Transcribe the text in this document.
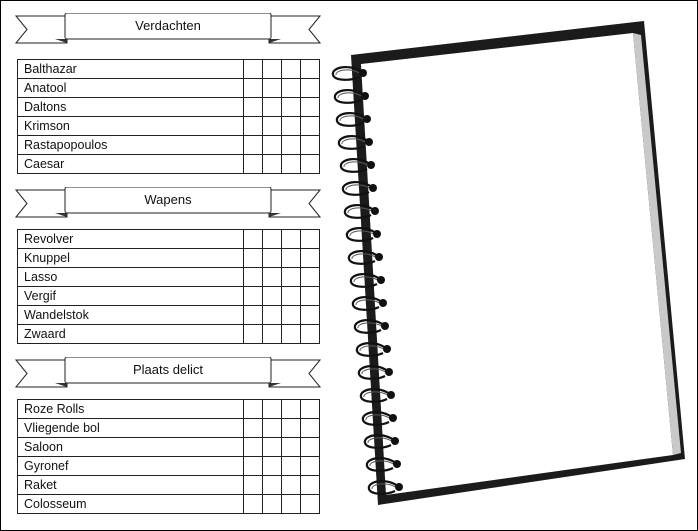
Verdachten
Balthazar				
Anatool				
Daltons				
Krimson				
Rastapopoulos				
Caesar				
Wapens
Revolver				
Knuppel				
Lasso				
Vergif				
Wandelstok				
Zwaard				
Plaats delict
Roze Rolls				
Vliegende bol				
Saloon				
Gyronef				
Raket				
Colosseum				
